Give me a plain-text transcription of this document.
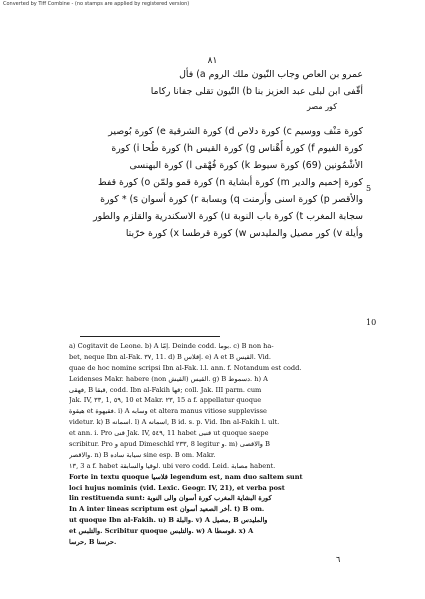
Converted by Tiff Combine - (no stamps are applied by registered version)
٨١
عمرو بن العاص وجاب النّيون ملك الروم a) فأل
أقّفى ابن لبلى عبد العزيز بنا b) التّيون تقلى جفانا ركاما
كور مصر
كورة مَنْف ووسيم c) كورة دلاص d) كورة الشرقية e) كورة بُوصير
كورة الفيوم f) كورة أُهْناس g) كورة القيس h) كورة طُحا i) كورة
الأشْمُونين (69) كورة سيوط k) كورة فُهْقى l) كورة البهنسى
كورة إخميم والدير m) كورة أبشاية n) كورة قمو ولمّن o) كورة قفط
والأقصر p) كورة اسنى وأرمنت q) وبسابة r) كورة أسوان s) * كورة
سجابة المغرب t) كورة باب النوبة u) كورة الاسكندرية والقلزم والطور
وأيلة v) كور مصيل والمليدس w) كورة قرطسا x) كورة خرّبتا
5
10
a) Cogitavit de Leone. b) A اِمّا. Deinde codd. بوما. c) B non ha-
bet, neque Ibn al-Fak. ٣٧, 11. d) B اِقلاس. e) A et B القيس. Vid.
quae de hoc nomine scripsi Ibn al-Fak. l.l. ann. f. Notandum est codd.
Leidenses Makr. habere (non القيش) القيس. g) B دسموط. h) A
فهقى, B قبقا, codd. Ibn al-Fakih قها; coll. Jak. III parm. cum
Jak. IV, ٣٣, 1, ٥٩, 10 et Makr. ٢٣, 15 a f. appellatur quoque
هيقوة et فقيهوة. i) A وسابه et altera manus vitiose supplevisse
videtur. k) B اسمانه. l) A اسمانه, B id. s. p. Vid. Ibn al-Fakih l. ult.
et ann. i. Pro قنى Jak. IV, ٥٤٩, 11 habet قنبی ut quoque saepe
scribitur. Pro و apud Dimeschkî ٢٣٣, 8 legitur و. m) والاقصى B
والاقصر. n) B سيابة ساده sine esp. B om. Makr.
١٣, 3 a f. habet لوقيا والسابقة. ubi vero codd. Leid. مصابة habent.
Forte in textu quoque قلاسيا legendum est, nam duo saltem sunt
loci hujus nominis (vid. Lexic. Geogr. IV, 21), et verba post
lin restituenda sunt: كورة البشاية المغرب كورة أسوان والى النوبة
In A inter lineas scriptum est أخر الصعيد أسوان. t) B om.
ut quoque Ibn al-Fakih. u) B والبلة. v) A مصيل, B والمليدس
et والتلبس. Scribitur quoque والتلبس. w) A قوسطا. x) A
حرسا, B حرسنا.
٦
